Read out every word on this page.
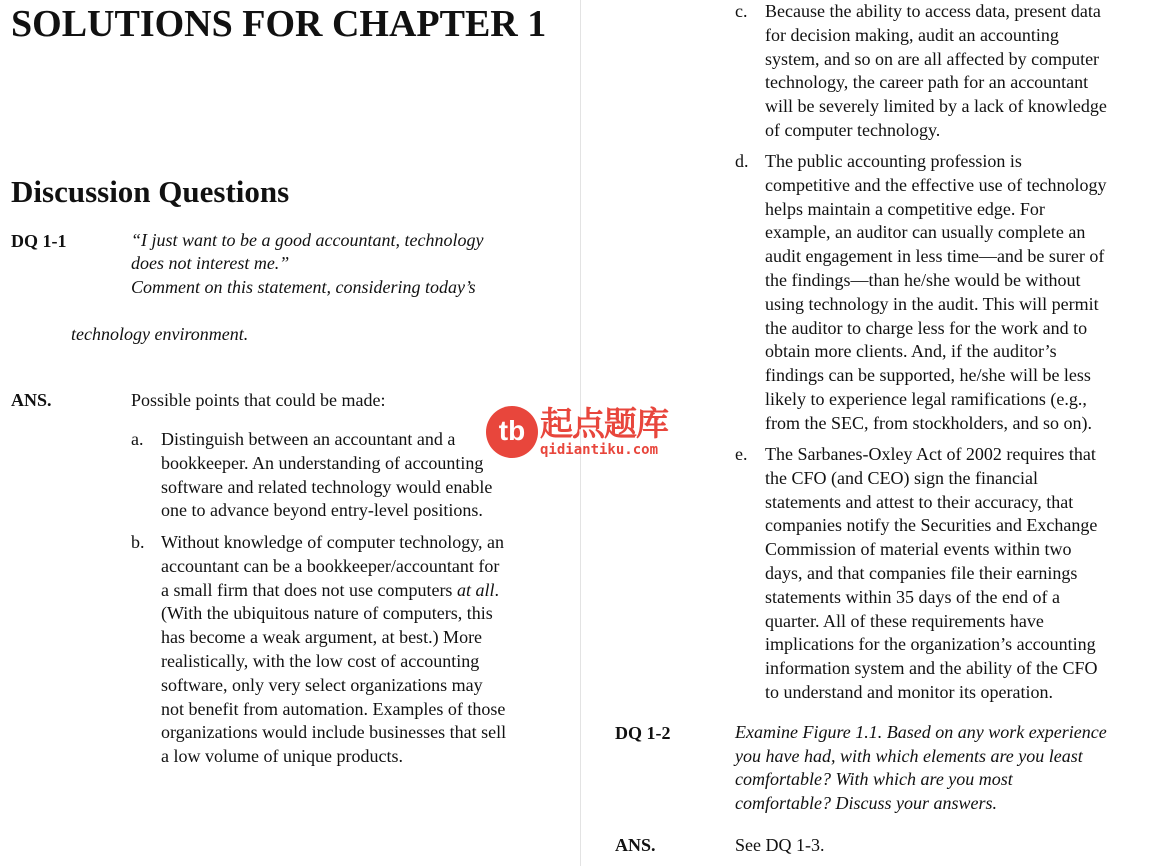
SOLUTIONS FOR CHAPTER 1
Discussion Questions
DQ 1-1	“I just want to be a good accountant, technology
does not interest me.”
Comment on this statement, considering today’s
technology environment.
ANS.	Possible points that could be made:
a. Distinguish between an accountant and a
bookkeeper. An understanding of accounting
software and related technology would enable
one to advance beyond entry-level positions.
b. Without knowledge of computer technology, an
accountant can be a bookkeeper/accountant for
a small firm that does not use computers at all.
(With the ubiquitous nature of computers, this
has become a weak argument, at best.) More
realistically, with the low cost of accounting
software, only very select organizations may
not benefit from automation. Examples of those
organizations would include businesses that sell
a low volume of unique products.
c. Because the ability to access data, present data
for decision making, audit an accounting
system, and so on are all affected by computer
technology, the career path for an accountant
will be severely limited by a lack of knowledge
of computer technology.
d. The public accounting profession is
competitive and the effective use of technology
helps maintain a competitive edge. For
example, an auditor can usually complete an
audit engagement in less time—and be surer of
the findings—than he/she would be without
using technology in the audit. This will permit
the auditor to charge less for the work and to
obtain more clients. And, if the auditor’s
findings can be supported, he/she will be less
likely to experience legal ramifications (e.g.,
from the SEC, from stockholders, and so on).
e. The Sarbanes-Oxley Act of 2002 requires that
the CFO (and CEO) sign the financial
statements and attest to their accuracy, that
companies notify the Securities and Exchange
Commission of material events within two
days, and that companies file their earnings
statements within 35 days of the end of a
quarter. All of these requirements have
implications for the organization’s accounting
information system and the ability of the CFO
to understand and monitor its operation.
DQ 1-2	Examine Figure 1.1. Based on any work experience
you have had, with which elements are you least
comfortable? With which are you most
comfortable? Discuss your answers.
ANS.	See DQ 1-3.
tb 起点题库
qidiantiku.com
